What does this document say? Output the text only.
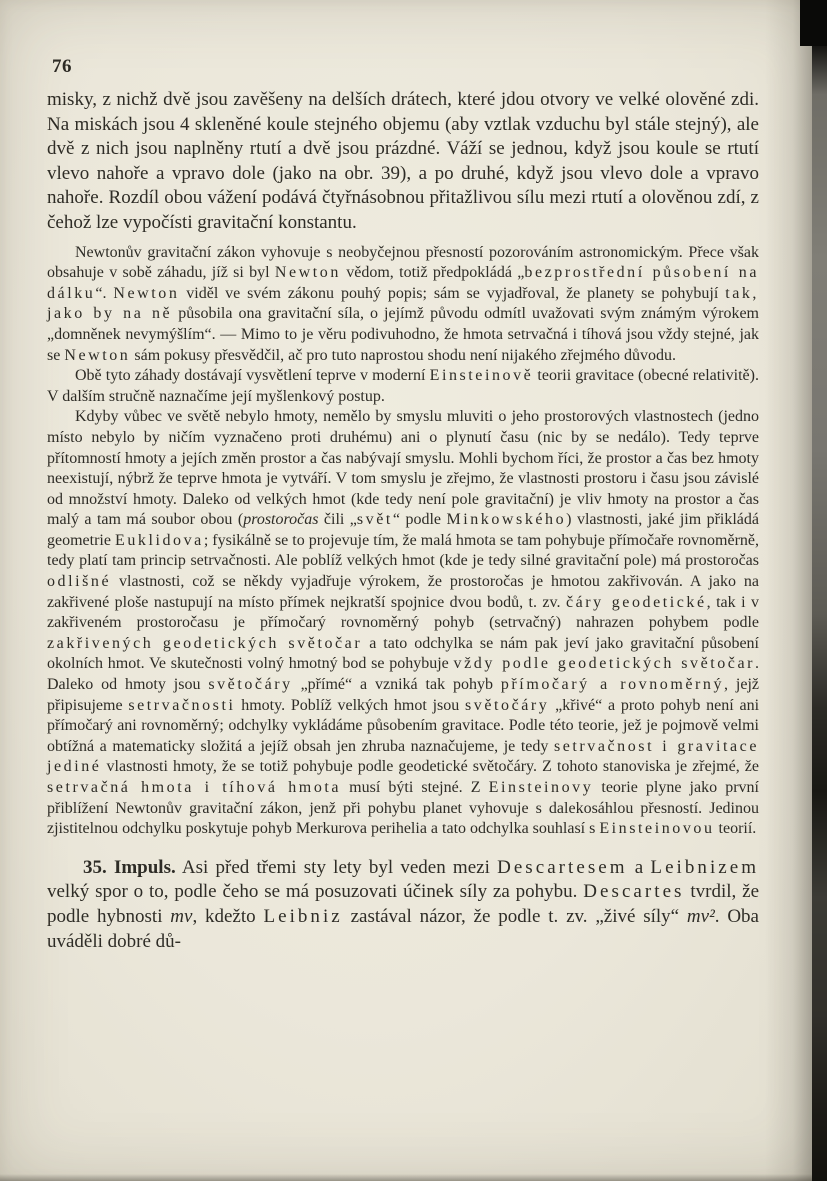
76

misky, z nichž dvě jsou zavěšeny na delších drátech, které jdou otvory ve velké olověné zdi. Na miskách jsou 4 skleněné koule stejného objemu (aby vztlak vzduchu byl stále stejný), ale dvě z nich jsou naplněny rtutí a dvě jsou prázdné. Váží se jednou, když jsou koule se rtutí vlevo nahoře a vpravo dole (jako na obr. 39), a po druhé, když jsou vlevo dole a vpravo nahoře. Rozdíl obou vážení podává čtyřnásobnou přitažlivou sílu mezi rtutí a olověnou zdí, z čehož lze vypočísti gravitační konstantu.

Newtonův gravitační zákon vyhovuje s neobyčejnou přesností pozorováním astronomickým. Přece však obsahuje v sobě záhadu, jíž si byl Newton vědom, totiž předpokládá „bezprostřední působení na dálku“. Newton viděl ve svém zákonu pouhý popis; sám se vyjadřoval, že planety se pohybují tak, jako by na ně působila ona gravitační síla, o jejímž původu odmítl uvažovati svým známým výrokem „domněnek nevymýšlím“. — Mimo to je věru podivuhodno, že hmota setrvačná i tíhová jsou vždy stejné, jak se Newton sám pokusy přesvědčil, ač pro tuto naprostou shodu není nijakého zřejmého důvodu.

Obě tyto záhady dostávají vysvětlení teprve v moderní Einsteinově teorii gravitace (obecné relativitě). V dalším stručně naznačíme její myšlenkový postup.

Kdyby vůbec ve světě nebylo hmoty, nemělo by smyslu mluviti o jeho prostorových vlastnostech (jedno místo nebylo by ničím vyznačeno proti druhému) ani o plynutí času (nic by se nedálo). Tedy teprve přítomností hmoty a jejích změn prostor a čas nabývají smyslu. Mohli bychom říci, že prostor a čas bez hmoty neexistují, nýbrž že teprve hmota je vytváří. V tom smyslu je zřejmo, že vlastnosti prostoru i času jsou závislé od množství hmoty. Daleko od velkých hmot (kde tedy není pole gravitační) je vliv hmoty na prostor a čas malý a tam má soubor obou (prostoročas čili „svět“ podle Minkowského) vlastnosti, jaké jim přikládá geometrie Euklidova; fysikálně se to projevuje tím, že malá hmota se tam pohybuje přímočaře rovnoměrně, tedy platí tam princip setrvačnosti. Ale poblíž velkých hmot (kde je tedy silné gravitační pole) má prostoročas odlišné vlastnosti, což se někdy vyjadřuje výrokem, že prostoročas je hmotou zakřivován. A jako na zakřivené ploše nastupují na místo přímek nejkratší spojnice dvou bodů, t. zv. čáry geodetické, tak i v zakřiveném prostoročasu je přímočarý rovnoměrný pohyb (setrvačný) nahrazen pohybem podle zakřivených geodetických světočar a tato odchylka se nám pak jeví jako gravitační působení okolních hmot. Ve skutečnosti volný hmotný bod se pohybuje vždy podle geodetických světočar. Daleko od hmoty jsou světočáry „přímé“ a vzniká tak pohyb přímočarý a rovnoměrný, jejž připisujeme setrvačnosti hmoty. Poblíž velkých hmot jsou světočáry „křivé“ a proto pohyb není ani přímočarý ani rovnoměrný; odchylky vykládáme působením gravitace. Podle této teorie, jež je pojmově velmi obtížná a matematicky složitá a jejíž obsah jen zhruba naznačujeme, je tedy setrvačnost i gravitace jediné vlastnosti hmoty, že se totiž pohybuje podle geodetické světočáry. Z tohoto stanoviska je zřejmé, že setrvačná hmota i tíhová hmota musí býti stejné. Z Einsteinovy teorie plyne jako první přiblížení Newtonův gravitační zákon, jenž při pohybu planet vyhovuje s dalekosáhlou přesností. Jedinou zjistitelnou odchylku poskytuje pohyb Merkurova perihelia a tato odchylka souhlasí s Einsteinovou teorií.

35. Impuls. Asi před třemi sty lety byl veden mezi Descartesem a Leibnizem velký spor o to, podle čeho se má posuzovati účinek síly za pohybu. Descartes tvrdil, že podle hybnosti mv, kdežto Leibniz zastával názor, že podle t. zv. „živé síly“ mv². Oba uváděli dobré dů-
